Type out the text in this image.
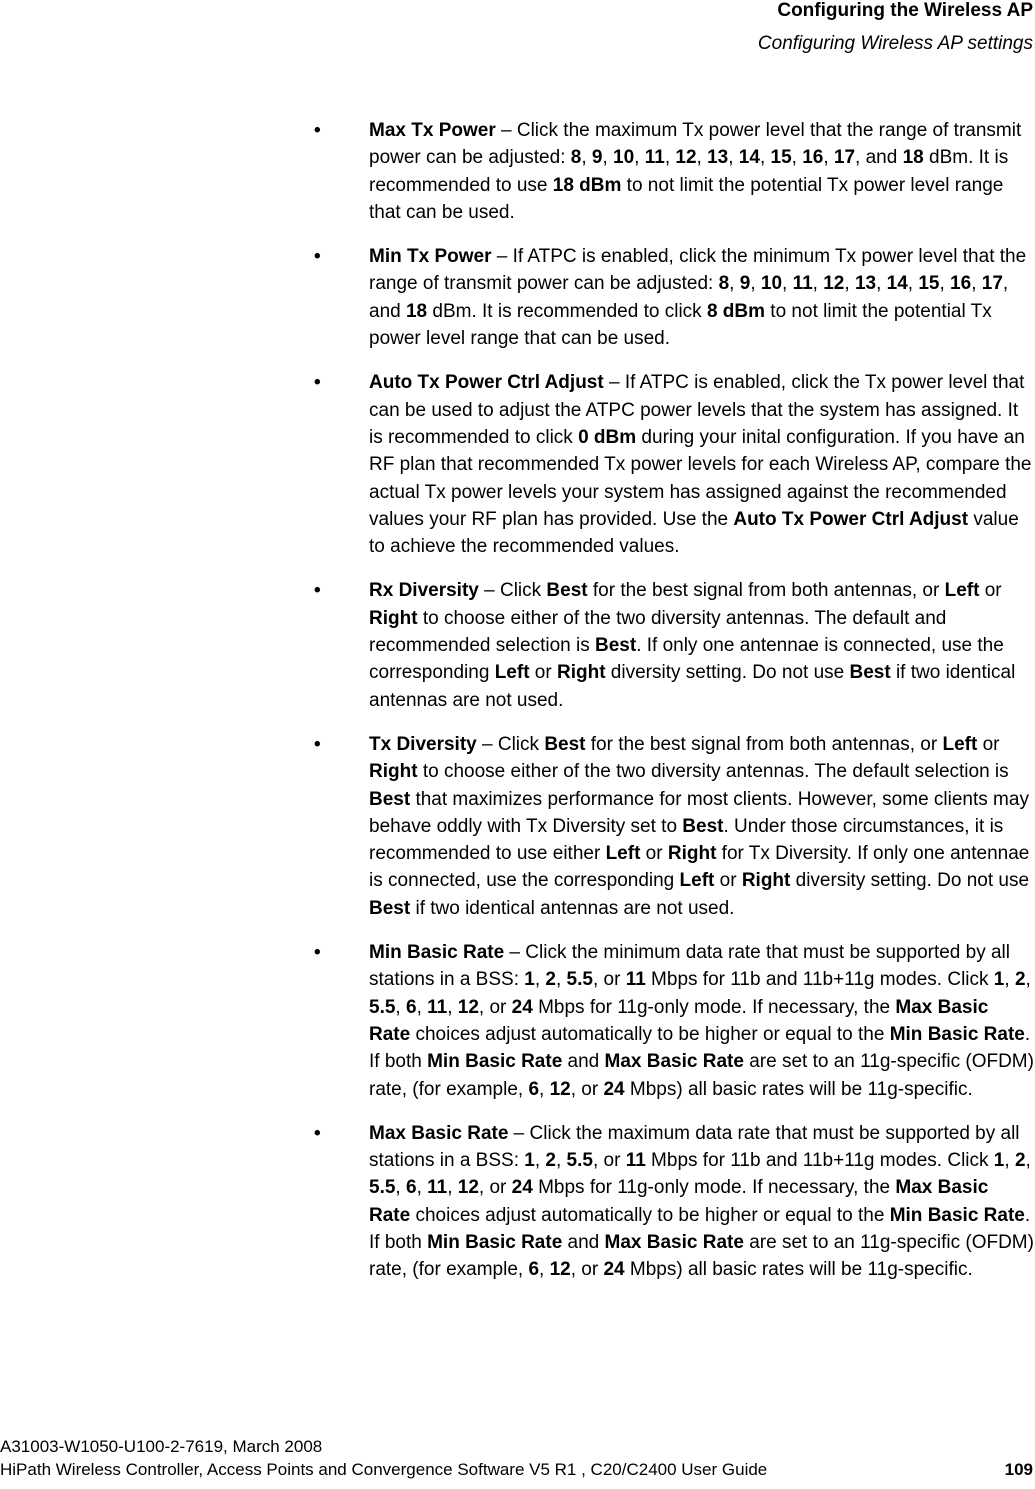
Configuring the Wireless AP
Configuring Wireless AP settings
•	Max Tx Power – Click the maximum Tx power level that the range of transmit power can be adjusted: 8, 9, 10, 11, 12, 13, 14, 15, 16, 17, and 18 dBm. It is recommended to use 18 dBm to not limit the potential Tx power level range that can be used.
•	Min Tx Power – If ATPC is enabled, click the minimum Tx power level that the range of transmit power can be adjusted: 8, 9, 10, 11, 12, 13, 14, 15, 16, 17, and 18 dBm. It is recommended to click 8 dBm to not limit the potential Tx power level range that can be used.
•	Auto Tx Power Ctrl Adjust – If ATPC is enabled, click the Tx power level that can be used to adjust the ATPC power levels that the system has assigned. It is recommended to click 0 dBm during your inital configuration. If you have an RF plan that recommended Tx power levels for each Wireless AP, compare the actual Tx power levels your system has assigned against the recommended values your RF plan has provided. Use the Auto Tx Power Ctrl Adjust value to achieve the recommended values.
•	Rx Diversity – Click Best for the best signal from both antennas, or Left or Right to choose either of the two diversity antennas. The default and recommended selection is Best. If only one antennae is connected, use the corresponding Left or Right diversity setting. Do not use Best if two identical antennas are not used.
•	Tx Diversity – Click Best for the best signal from both antennas, or Left or Right to choose either of the two diversity antennas. The default selection is Best that maximizes performance for most clients. However, some clients may behave oddly with Tx Diversity set to Best. Under those circumstances, it is recommended to use either Left or Right for Tx Diversity. If only one antennae is connected, use the corresponding Left or Right diversity setting. Do not use Best if two identical antennas are not used.
•	Min Basic Rate – Click the minimum data rate that must be supported by all stations in a BSS: 1, 2, 5.5, or 11 Mbps for 11b and 11b+11g modes. Click 1, 2, 5.5, 6, 11, 12, or 24 Mbps for 11g-only mode. If necessary, the Max Basic Rate choices adjust automatically to be higher or equal to the Min Basic Rate. If both Min Basic Rate and Max Basic Rate are set to an 11g-specific (OFDM) rate, (for example, 6, 12, or 24 Mbps) all basic rates will be 11g-specific.
•	Max Basic Rate – Click the maximum data rate that must be supported by all stations in a BSS: 1, 2, 5.5, or 11 Mbps for 11b and 11b+11g modes. Click 1, 2, 5.5, 6, 11, 12, or 24 Mbps for 11g-only mode. If necessary, the Max Basic Rate choices adjust automatically to be higher or equal to the Min Basic Rate. If both Min Basic Rate and Max Basic Rate are set to an 11g-specific (OFDM) rate, (for example, 6, 12, or 24 Mbps) all basic rates will be 11g-specific.
A31003-W1050-U100-2-7619, March 2008
HiPath Wireless Controller, Access Points and Convergence Software V5 R1 , C20/C2400 User Guide	109
